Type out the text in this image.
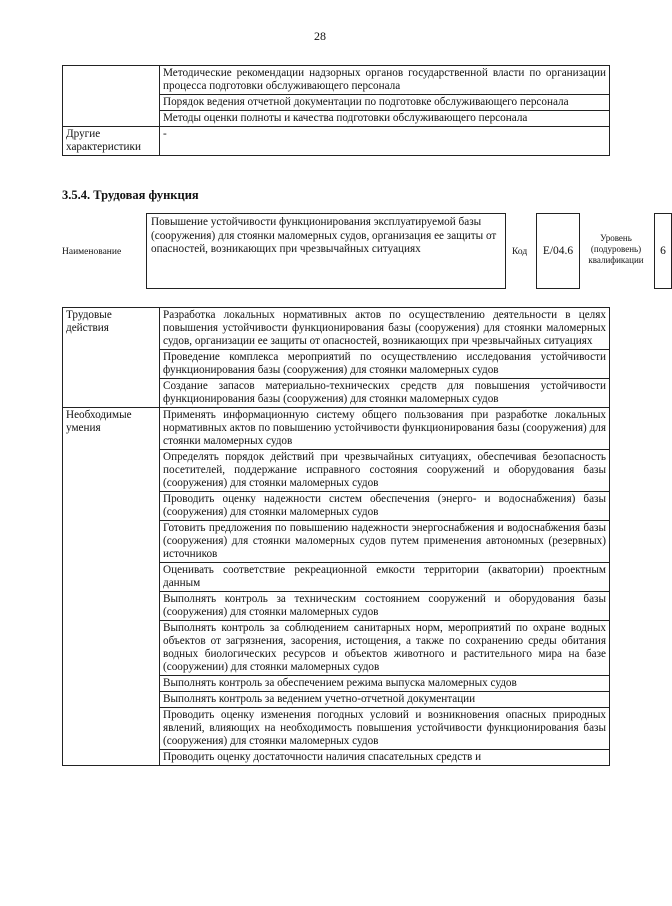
28
	Методические рекомендации надзорных органов государственной власти по организации процесса подготовки обслуживающего персонала
	Порядок ведения отчетной документации по подготовке обслуживающего персонала
	Методы оценки полноты и качества подготовки обслуживающего персонала
Другие характеристики	-
3.5.4. Трудовая функция
Наименование
Повышение устойчивости функционирования эксплуатируемой базы (сооружения) для стоянки маломерных судов, организация ее защиты от опасностей, возникающих при чрезвычайных ситуациях	Код	E/04.6
Уровень (подуровень) квалификации
6
Трудовые действия	Разработка локальных нормативных актов по осуществлению деятельности в целях повышения устойчивости функционирования базы (сооружения) для стоянки маломерных судов, организации ее защиты от опасностей, возникающих при чрезвычайных ситуациях
	Проведение комплекса мероприятий по осуществлению исследования устойчивости функционирования базы (сооружения) для стоянки маломерных судов
	Создание запасов материально-технических средств для повышения устойчивости функционирования базы (сооружения) для стоянки маломерных судов
Необходимые умения	Применять информационную систему общего пользования при разработке локальных нормативных актов по повышению устойчивости функционирования базы (сооружения) для стоянки маломерных судов
	Определять порядок действий при чрезвычайных ситуациях, обеспечивая безопасность посетителей, поддержание исправного состояния сооружений и оборудования базы (сооружения) для стоянки маломерных судов
	Проводить оценку надежности систем обеспечения (энерго- и водоснабжения) базы (сооружения) для стоянки маломерных судов
	Готовить предложения по повышению надежности энергоснабжения и водоснабжения базы (сооружения) для стоянки маломерных судов путем применения автономных (резервных) источников
	Оценивать соответствие рекреационной емкости территории (акватории) проектным данным
	Выполнять контроль за техническим состоянием сооружений и оборудования базы (сооружения) для стоянки маломерных судов
	Выполнять контроль за соблюдением санитарных норм, мероприятий по охране водных объектов от загрязнения, засорения, истощения, а также по сохранению среды обитания водных биологических ресурсов и объектов животного и растительного мира на базе (сооружении) для стоянки маломерных судов
	Выполнять контроль за обеспечением режима выпуска маломерных судов
	Выполнять контроль за ведением учетно-отчетной документации
	Проводить оценку изменения погодных условий и возникновения опасных природных явлений, влияющих на необходимость повышения устойчивости функционирования базы (сооружения) для стоянки маломерных судов
	Проводить оценку достаточности наличия спасательных средств и
